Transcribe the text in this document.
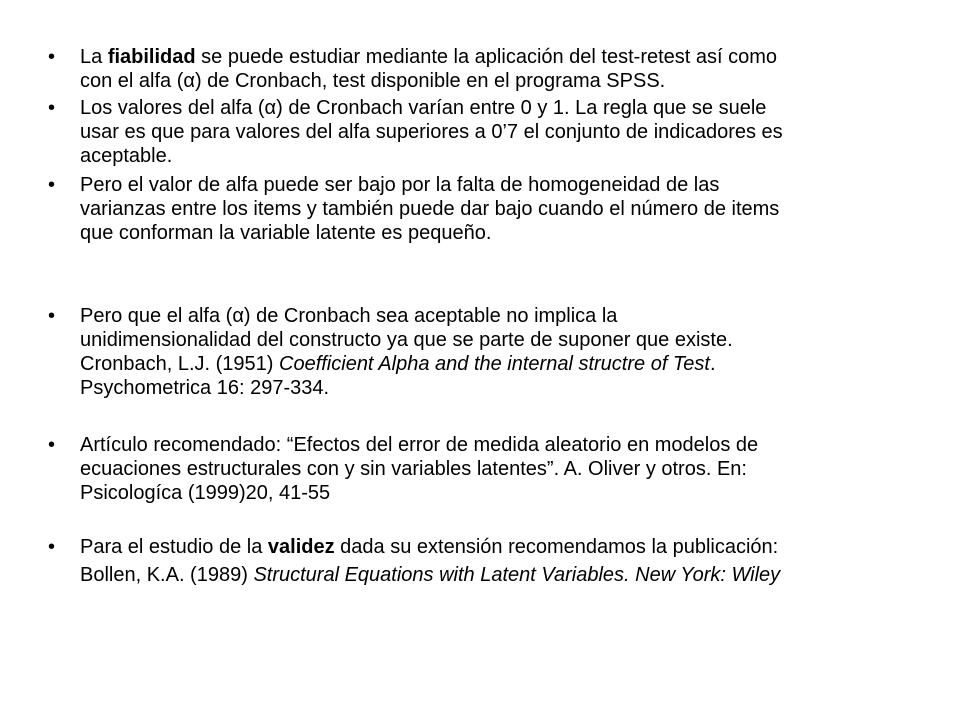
•	La fiabilidad se puede estudiar mediante la aplicación del test-retest así como
con el alfa (α) de Cronbach, test disponible en el programa SPSS.
•	Los valores del alfa (α) de Cronbach varían entre 0 y 1. La regla que se suele
usar es que para valores del alfa superiores a 0’7 el conjunto de indicadores es
aceptable.
•	Pero el valor de alfa puede ser bajo por la falta de homogeneidad de las
varianzas entre los items y también puede dar bajo cuando el número de items
que conforman la variable latente es pequeño.
•	Pero que el alfa (α) de Cronbach sea aceptable no implica la
unidimensionalidad del constructo ya que se parte de suponer que existe.
Cronbach, L.J. (1951) Coefficient Alpha and the internal structre of Test.
Psychometrica 16: 297-334.
•	Artículo recomendado: “Efectos del error de medida aleatorio en modelos de
ecuaciones estructurales con y sin variables latentes”. A. Oliver y otros. En:
Psicologíca (1999)20, 41-55
•	Para el estudio de la validez dada su extensión recomendamos la publicación:
Bollen, K.A. (1989) Structural Equations with Latent Variables. New York: Wiley
